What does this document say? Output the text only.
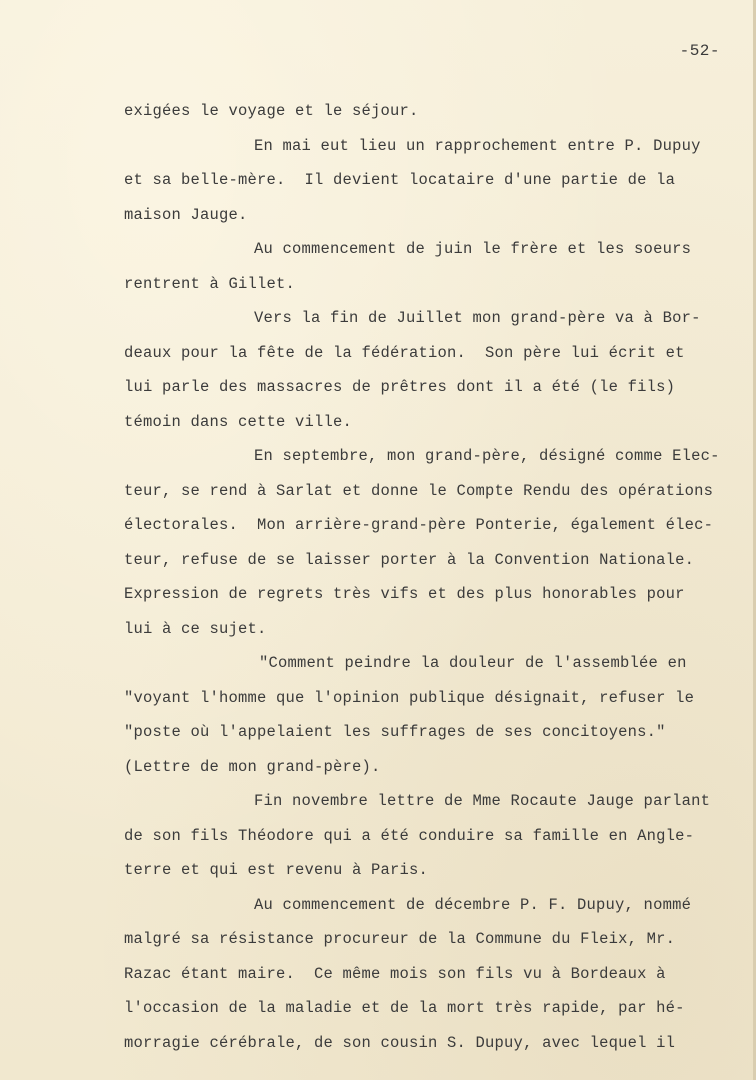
-52-
exigées le voyage et le séjour.
En mai eut lieu un rapprochement entre P. Dupuy
et sa belle-mère.  Il devient locataire d'une partie de la
maison Jauge.
Au commencement de juin le frère et les soeurs
rentrent à Gillet.
Vers la fin de Juillet mon grand-père va à Bor-
deaux pour la fête de la fédération.  Son père lui écrit et
lui parle des massacres de prêtres dont il a été (le fils)
témoin dans cette ville.
En septembre, mon grand-père, désigné comme Elec-
teur, se rend à Sarlat et donne le Compte Rendu des opérations
électorales.  Mon arrière-grand-père Ponterie, également élec-
teur, refuse de se laisser porter à la Convention Nationale.
Expression de regrets très vifs et des plus honorables pour
lui à ce sujet.
"Comment peindre la douleur de l'assemblée en
"voyant l'homme que l'opinion publique désignait, refuser le
"poste où l'appelaient les suffrages de ses concitoyens."
(Lettre de mon grand-père).
Fin novembre lettre de Mme Rocaute Jauge parlant
de son fils Théodore qui a été conduire sa famille en Angle-
terre et qui est revenu à Paris.
Au commencement de décembre P. F. Dupuy, nommé
malgré sa résistance procureur de la Commune du Fleix, Mr.
Razac étant maire.  Ce même mois son fils vu à Bordeaux à
l'occasion de la maladie et de la mort très rapide, par hé-
morragie cérébrale, de son cousin S. Dupuy, avec lequel il
